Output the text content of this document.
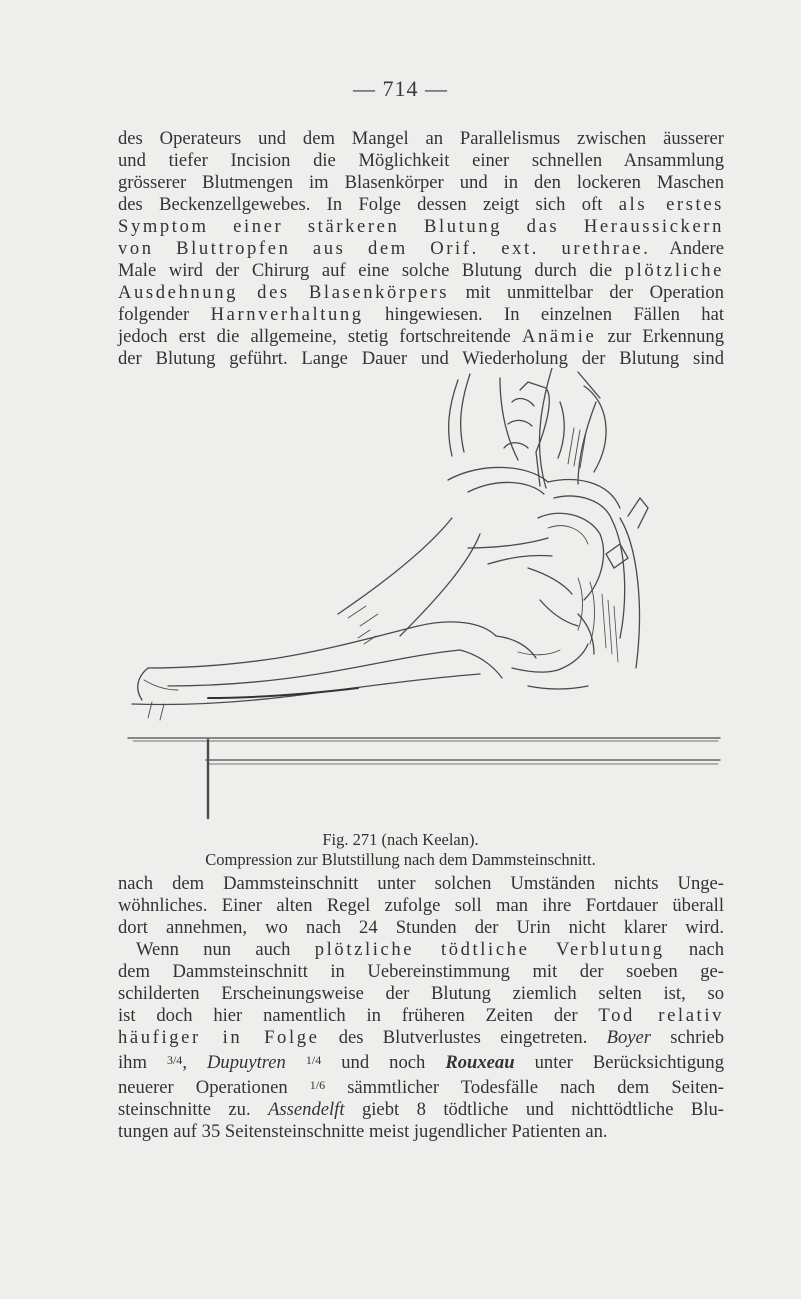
— 714 —
des Operateurs und dem Mangel an Parallelismus zwischen äusserer
und tiefer Incision die Möglichkeit einer schnellen Ansammlung
grösserer Blutmengen im Blasenkörper und in den lockeren Maschen
des Beckenzellgewebes. In Folge dessen zeigt sich oft als erstes
Symptom einer stärkeren Blutung das Heraussickern
von Bluttropfen aus dem Orif. ext. urethrae. Andere
Male wird der Chirurg auf eine solche Blutung durch die plötzliche
Ausdehnung des Blasenkörpers mit unmittelbar der Operation
folgender Harnverhaltung hingewiesen. In einzelnen Fällen hat
jedoch erst die allgemeine, stetig fortschreitende Anämie zur Erkennung
der Blutung geführt. Lange Dauer und Wiederholung der Blutung sind

Fig. 271 (nach Keelan).

Compression zur Blutstillung nach dem Dammsteinschnitt.

nach dem Dammsteinschnitt unter solchen Umständen nichts Unge-
wöhnliches. Einer alten Regel zufolge soll man ihre Fortdauer überall
dort annehmen, wo nach 24 Stunden der Urin nicht klarer wird.
Wenn nun auch plötzliche tödtliche Verblutung nach
dem Dammsteinschnitt in Uebereinstimmung mit der soeben ge-
schilderten Erscheinungsweise der Blutung ziemlich selten ist, so
ist doch hier namentlich in früheren Zeiten der Tod relativ
häufiger in Folge des Blutverlustes eingetreten. Boyer schrieb
ihm $^{3/4}$, Dupuytren $^{1/4}$ und noch Rouxeau unter Berücksichtigung
neuerer Operationen $^{1/6}$ sämmtlicher Todesfälle nach dem Seiten-
steinschnitte zu. Assendelft giebt 8 tödtliche und nichttödtliche Blu-
tungen auf 35 Seitensteinschnitte meist jugendlicher Patienten an.
